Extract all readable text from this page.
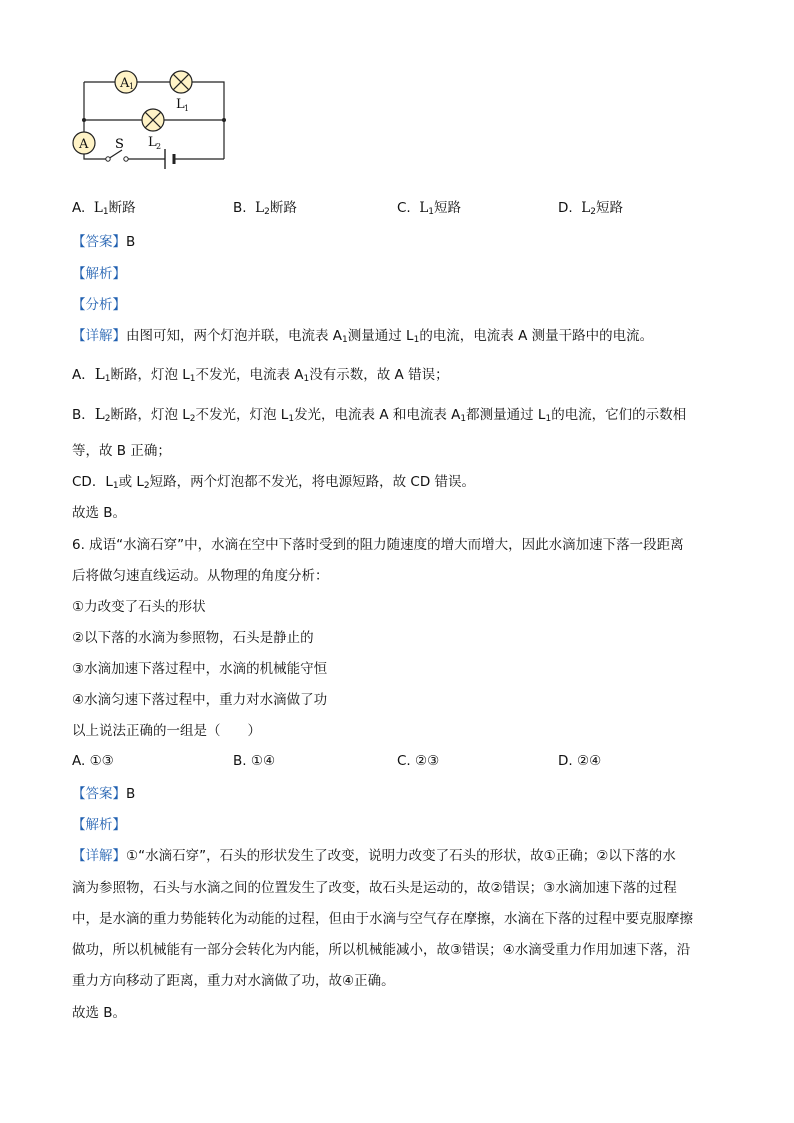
S
A 1
L 1
L 2
A
A. $L_1$断路	B. $L_2$断路	C. $L_1$短路	D. $L_2$短路
【答案】B
【解析】
【分析】
【详解】由图可知，两个灯泡并联，电流表 $A_1$测量通过 $L_1$的电流，电流表 A 测量干路中的电流。
A．$L_1$断路，灯泡 $L_1$不发光，电流表 $A_1$没有示数，故 A 错误；
B．$L_2$断路，灯泡 $L_2$不发光，灯泡 $L_1$发光，电流表 A 和电流表 $A_1$都测量通过 $L_1$的电流，它们的示数相
等，故 B 正确；
CD．$L_1$或 $L_2$短路，两个灯泡都不发光，将电源短路，故 CD 错误。
故选 B。
6. 成语“水滴石穿”中，水滴在空中下落时受到的阻力随速度的增大而增大，因此水滴加速下落一段距离
后将做匀速直线运动。从物理的角度分析：
①力改变了石头的形状
②以下落的水滴为参照物，石头是静止的
③水滴加速下落过程中，水滴的机械能守恒
④水滴匀速下落过程中，重力对水滴做了功
以上说法正确的一组是（　　）
A. ①③	B. ①④	C. ②③	D. ②④
【答案】B
【解析】
【详解】①“水滴石穿”，石头的形状发生了改变，说明力改变了石头的形状，故①正确；②以下落的水
滴为参照物，石头与水滴之间的位置发生了改变，故石头是运动的，故②错误；③水滴加速下落的过程
中，是水滴的重力势能转化为动能的过程，但由于水滴与空气存在摩擦，水滴在下落的过程中要克服摩擦
做功，所以机械能有一部分会转化为内能，所以机械能减小，故③错误；④水滴受重力作用加速下落，沿
重力方向移动了距离，重力对水滴做了功，故④正确。
故选 B。
